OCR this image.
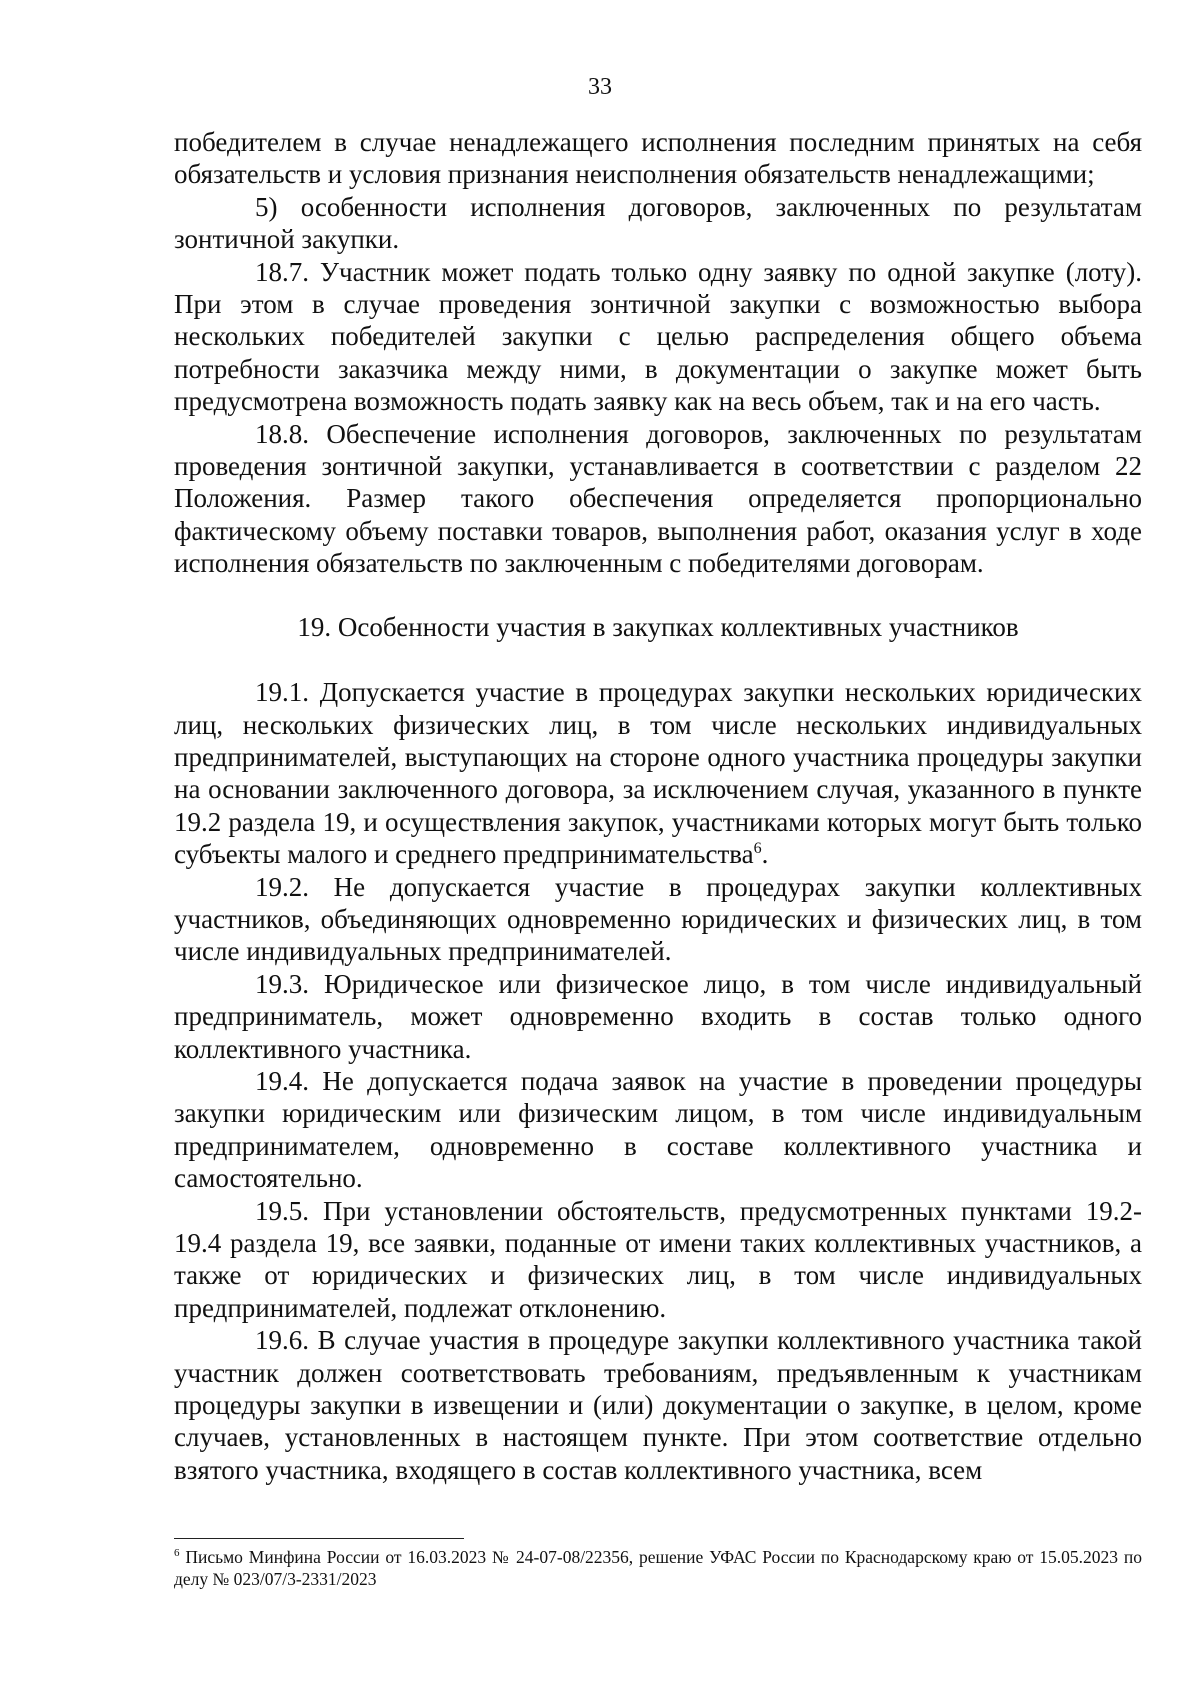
33

победителем в случае ненадлежащего исполнения последним принятых на себя обязательств и условия признания неисполнения обязательств ненадлежащими;

5) особенности исполнения договоров, заключенных по результатам зонтичной закупки.

18.7. Участник может подать только одну заявку по одной закупке (лоту). При этом в случае проведения зонтичной закупки с возможностью выбора нескольких победителей закупки с целью распределения общего объема потребности заказчика между ними, в документации о закупке может быть предусмотрена возможность подать заявку как на весь объем, так и на его часть.

18.8. Обеспечение исполнения договоров, заключенных по результатам проведения зонтичной закупки, устанавливается в соответствии с разделом 22 Положения. Размер такого обеспечения определяется пропорционально фактическому объему поставки товаров, выполнения работ, оказания услуг в ходе исполнения обязательств по заключенным с победителями договорам.

19. Особенности участия в закупках коллективных участников

19.1. Допускается участие в процедурах закупки нескольких юридических лиц, нескольких физических лиц, в том числе нескольких индивидуальных предпринимателей, выступающих на стороне одного участника процедуры закупки на основании заключенного договора, за исключением случая, указанного в пункте 19.2 раздела 19, и осуществления закупок, участниками которых могут быть только субъекты малого и среднего предпринимательства$^6$.

19.2. Не допускается участие в процедурах закупки коллективных участников, объединяющих одновременно юридических и физических лиц, в том числе индивидуальных предпринимателей.

19.3. Юридическое или физическое лицо, в том числе индивидуальный предприниматель, может одновременно входить в состав только одного коллективного участника.

19.4. Не допускается подача заявок на участие в проведении процедуры закупки юридическим или физическим лицом, в том числе индивидуальным предпринимателем, одновременно в составе коллективного участника и самостоятельно.

19.5. При установлении обстоятельств, предусмотренных пунктами 19.2-19.4 раздела 19, все заявки, поданные от имени таких коллективных участников, а также от юридических и физических лиц, в том числе индивидуальных предпринимателей, подлежат отклонению.

19.6. В случае участия в процедуре закупки коллективного участника такой участник должен соответствовать требованиям, предъявленным к участникам процедуры закупки в извещении и (или) документации о закупке, в целом, кроме случаев, установленных в настоящем пункте. При этом соответствие отдельно взятого участника, входящего в состав коллективного участника, всем

$^6$ Письмо Минфина России от 16.03.2023 № 24-07-08/22356, решение УФАС России по Краснодарскому краю от 15.05.2023 по делу № 023/07/3-2331/2023
